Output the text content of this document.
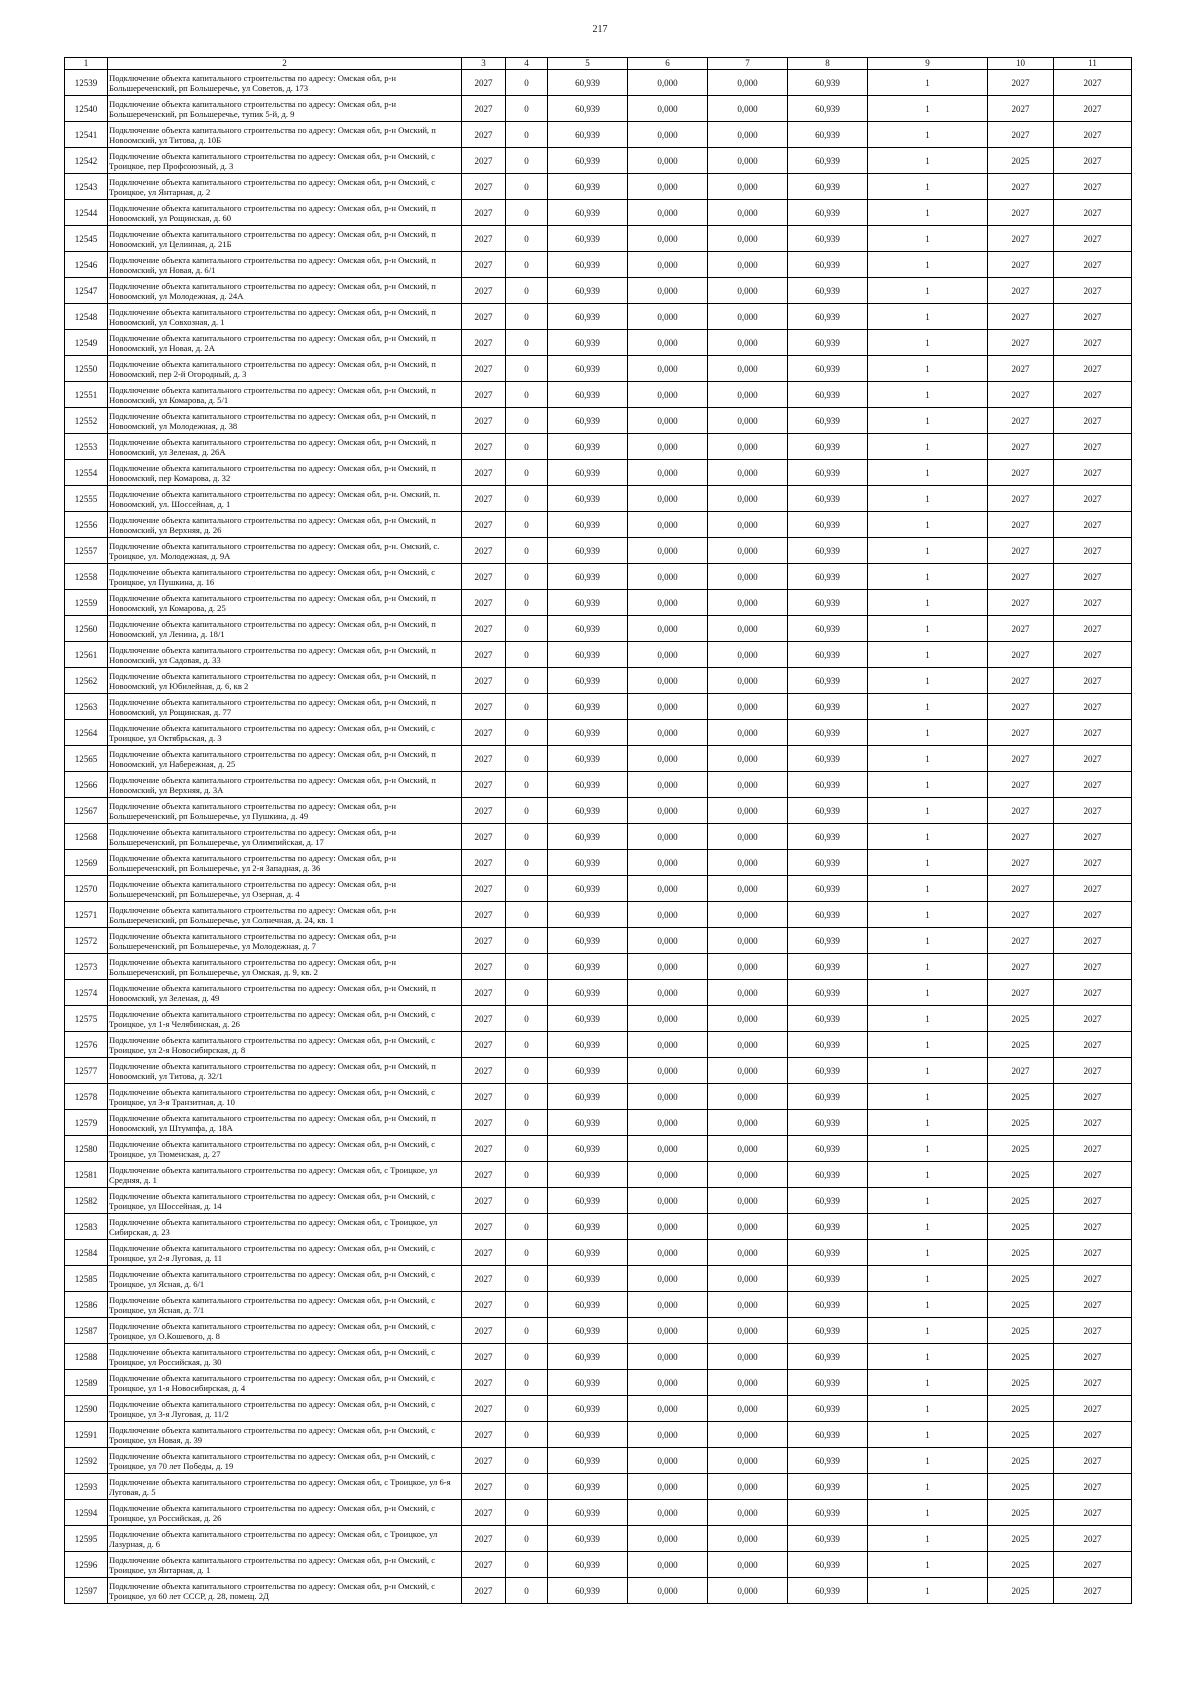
217
1	2	3	4	5	6	7	8	9	10	11
12539	Подключение объекта капитального строительства по адресу: Омская обл, р-н Большереченский, рп Большеречье, ул Советов, д. 173	2027	0	60,939	0,000	0,000	60,939	1	2027	2027
12540	Подключение объекта капитального строительства по адресу: Омская обл, р-н Большереченский, рп Большеречье, тупик 5-й, д. 9	2027	0	60,939	0,000	0,000	60,939	1	2027	2027
12541	Подключение объекта капитального строительства по адресу: Омская обл, р-н Омский, п Новоомский, ул Титова, д. 10Б	2027	0	60,939	0,000	0,000	60,939	1	2027	2027
12542	Подключение объекта капитального строительства по адресу: Омская обл, р-н Омский, с Троицкое, пер Профсоюзный, д. 3	2027	0	60,939	0,000	0,000	60,939	1	2025	2027
12543	Подключение объекта капитального строительства по адресу: Омская обл, р-н Омский, с Троицкое, ул Янтарная, д. 2	2027	0	60,939	0,000	0,000	60,939	1	2027	2027
12544	Подключение объекта капитального строительства по адресу: Омская обл, р-н Омский, п Новоомский, ул Рощинская, д. 60	2027	0	60,939	0,000	0,000	60,939	1	2027	2027
12545	Подключение объекта капитального строительства по адресу: Омская обл, р-н Омский, п Новоомский, ул Целинная, д. 21Б	2027	0	60,939	0,000	0,000	60,939	1	2027	2027
12546	Подключение объекта капитального строительства по адресу: Омская обл, р-н Омский, п Новоомский, ул Новая, д. 6/1	2027	0	60,939	0,000	0,000	60,939	1	2027	2027
12547	Подключение объекта капитального строительства по адресу: Омская обл, р-н Омский, п Новоомский, ул Молодежная, д. 24А	2027	0	60,939	0,000	0,000	60,939	1	2027	2027
12548	Подключение объекта капитального строительства по адресу: Омская обл, р-н Омский, п Новоомский, ул Совхозная, д. 1	2027	0	60,939	0,000	0,000	60,939	1	2027	2027
12549	Подключение объекта капитального строительства по адресу: Омская обл, р-н Омский, п Новоомский, ул Новая, д. 2А	2027	0	60,939	0,000	0,000	60,939	1	2027	2027
12550	Подключение объекта капитального строительства по адресу: Омская обл, р-н Омский, п Новоомский, пер 2-й Огородный, д. 3	2027	0	60,939	0,000	0,000	60,939	1	2027	2027
12551	Подключение объекта капитального строительства по адресу: Омская обл, р-н Омский, п Новоомский, ул Комарова, д. 5/1	2027	0	60,939	0,000	0,000	60,939	1	2027	2027
12552	Подключение объекта капитального строительства по адресу: Омская обл, р-н Омский, п Новоомский, ул Молодежная, д. 38	2027	0	60,939	0,000	0,000	60,939	1	2027	2027
12553	Подключение объекта капитального строительства по адресу: Омская обл, р-н Омский, п Новоомский, ул Зеленая, д. 26А	2027	0	60,939	0,000	0,000	60,939	1	2027	2027
12554	Подключение объекта капитального строительства по адресу: Омская обл, р-н Омский, п Новоомский, пер Комарова, д. 32	2027	0	60,939	0,000	0,000	60,939	1	2027	2027
12555	Подключение объекта капитального строительства по адресу: Омская обл, р-н. Омский, п. Новоомский, ул. Шоссейная, д. 1	2027	0	60,939	0,000	0,000	60,939	1	2027	2027
12556	Подключение объекта капитального строительства по адресу: Омская обл, р-н Омский, п Новоомский, ул Верхняя, д. 26	2027	0	60,939	0,000	0,000	60,939	1	2027	2027
12557	Подключение объекта капитального строительства по адресу: Омская обл, р-н. Омский, с. Троицкое, ул. Молодежная, д. 9А	2027	0	60,939	0,000	0,000	60,939	1	2027	2027
12558	Подключение объекта капитального строительства по адресу: Омская обл, р-н Омский, с Троицкое, ул Пушкина, д. 16	2027	0	60,939	0,000	0,000	60,939	1	2027	2027
12559	Подключение объекта капитального строительства по адресу: Омская обл, р-н Омский, п Новоомский, ул Комарова, д. 25	2027	0	60,939	0,000	0,000	60,939	1	2027	2027
12560	Подключение объекта капитального строительства по адресу: Омская обл, р-н Омский, п Новоомский, ул Ленина, д. 18/1	2027	0	60,939	0,000	0,000	60,939	1	2027	2027
12561	Подключение объекта капитального строительства по адресу: Омская обл, р-н Омский, п Новоомский, ул Садовая, д. 33	2027	0	60,939	0,000	0,000	60,939	1	2027	2027
12562	Подключение объекта капитального строительства по адресу: Омская обл, р-н Омский, п Новоомский, ул Юбилейная, д. 6, кв 2	2027	0	60,939	0,000	0,000	60,939	1	2027	2027
12563	Подключение объекта капитального строительства по адресу: Омская обл, р-н Омский, п Новоомский, ул Рощинская, д. 77	2027	0	60,939	0,000	0,000	60,939	1	2027	2027
12564	Подключение объекта капитального строительства по адресу: Омская обл, р-н Омский, с Троицкое, ул Октябрьская, д. 3	2027	0	60,939	0,000	0,000	60,939	1	2027	2027
12565	Подключение объекта капитального строительства по адресу: Омская обл, р-н Омский, п Новоомский, ул Набережная, д. 25	2027	0	60,939	0,000	0,000	60,939	1	2027	2027
12566	Подключение объекта капитального строительства по адресу: Омская обл, р-н Омский, п Новоомский, ул Верхняя, д. 3А	2027	0	60,939	0,000	0,000	60,939	1	2027	2027
12567	Подключение объекта капитального строительства по адресу: Омская обл, р-н Большереченский, рп Большеречье, ул Пушкина, д. 49	2027	0	60,939	0,000	0,000	60,939	1	2027	2027
12568	Подключение объекта капитального строительства по адресу: Омская обл, р-н Большереченский, рп Большеречье, ул Олимпийская, д. 17	2027	0	60,939	0,000	0,000	60,939	1	2027	2027
12569	Подключение объекта капитального строительства по адресу: Омская обл, р-н Большереченский, рп Большеречье, ул 2-я Западная, д. 36	2027	0	60,939	0,000	0,000	60,939	1	2027	2027
12570	Подключение объекта капитального строительства по адресу: Омская обл, р-н Большереченский, рп Большеречье, ул Озерная, д. 4	2027	0	60,939	0,000	0,000	60,939	1	2027	2027
12571	Подключение объекта капитального строительства по адресу: Омская обл, р-н Большереченский, рп Большеречье, ул Солнечная, д. 24, кв. 1	2027	0	60,939	0,000	0,000	60,939	1	2027	2027
12572	Подключение объекта капитального строительства по адресу: Омская обл, р-н Большереченский, рп Большеречье, ул Молодежная, д. 7	2027	0	60,939	0,000	0,000	60,939	1	2027	2027
12573	Подключение объекта капитального строительства по адресу: Омская обл, р-н Большереченский, рп Большеречье, ул Омская, д. 9, кв. 2	2027	0	60,939	0,000	0,000	60,939	1	2027	2027
12574	Подключение объекта капитального строительства по адресу: Омская обл, р-н Омский, п Новоомский, ул Зеленая, д. 49	2027	0	60,939	0,000	0,000	60,939	1	2027	2027
12575	Подключение объекта капитального строительства по адресу: Омская обл, р-н Омский, с Троицкое, ул 1-я Челябинская, д. 26	2027	0	60,939	0,000	0,000	60,939	1	2025	2027
12576	Подключение объекта капитального строительства по адресу: Омская обл, р-н Омский, с Троицкое, ул 2-я Новосибирская, д. 8	2027	0	60,939	0,000	0,000	60,939	1	2025	2027
12577	Подключение объекта капитального строительства по адресу: Омская обл, р-н Омский, п Новоомский, ул Титова, д. 32/1	2027	0	60,939	0,000	0,000	60,939	1	2027	2027
12578	Подключение объекта капитального строительства по адресу: Омская обл, р-н Омский, с Троицкое, ул 3-я Транзитная, д. 10	2027	0	60,939	0,000	0,000	60,939	1	2025	2027
12579	Подключение объекта капитального строительства по адресу: Омская обл, р-н Омский, п Новоомский, ул Штумпфа, д. 18А	2027	0	60,939	0,000	0,000	60,939	1	2025	2027
12580	Подключение объекта капитального строительства по адресу: Омская обл, р-н Омский, с Троицкое, ул Тюменская, д. 27	2027	0	60,939	0,000	0,000	60,939	1	2025	2027
12581	Подключение объекта капитального строительства по адресу: Омская обл, с Троицкое, ул Средняя, д. 1	2027	0	60,939	0,000	0,000	60,939	1	2025	2027
12582	Подключение объекта капитального строительства по адресу: Омская обл, р-н Омский, с Троицкое, ул Шоссейная, д. 14	2027	0	60,939	0,000	0,000	60,939	1	2025	2027
12583	Подключение объекта капитального строительства по адресу: Омская обл, с Троицкое, ул Сибирская, д. 23	2027	0	60,939	0,000	0,000	60,939	1	2025	2027
12584	Подключение объекта капитального строительства по адресу: Омская обл, р-н Омский, с Троицкое, ул 2-я Луговая, д. 11	2027	0	60,939	0,000	0,000	60,939	1	2025	2027
12585	Подключение объекта капитального строительства по адресу: Омская обл, р-н Омский, с Троицкое, ул Ясная, д. 6/1	2027	0	60,939	0,000	0,000	60,939	1	2025	2027
12586	Подключение объекта капитального строительства по адресу: Омская обл, р-н Омский, с Троицкое, ул Ясная, д. 7/1	2027	0	60,939	0,000	0,000	60,939	1	2025	2027
12587	Подключение объекта капитального строительства по адресу: Омская обл, р-н Омский, с Троицкое, ул О.Кошевого, д. 8	2027	0	60,939	0,000	0,000	60,939	1	2025	2027
12588	Подключение объекта капитального строительства по адресу: Омская обл, р-н Омский, с Троицкое, ул Российская, д. 30	2027	0	60,939	0,000	0,000	60,939	1	2025	2027
12589	Подключение объекта капитального строительства по адресу: Омская обл, р-н Омский, с Троицкое, ул 1-я Новосибирская, д. 4	2027	0	60,939	0,000	0,000	60,939	1	2025	2027
12590	Подключение объекта капитального строительства по адресу: Омская обл, р-н Омский, с Троицкое, ул 3-я Луговая, д. 11/2	2027	0	60,939	0,000	0,000	60,939	1	2025	2027
12591	Подключение объекта капитального строительства по адресу: Омская обл, р-н Омский, с Троицкое, ул Новая, д. 39	2027	0	60,939	0,000	0,000	60,939	1	2025	2027
12592	Подключение объекта капитального строительства по адресу: Омская обл, р-н Омский, с Троицкое, ул 70 лет Победы, д. 19	2027	0	60,939	0,000	0,000	60,939	1	2025	2027
12593	Подключение объекта капитального строительства по адресу: Омская обл, с Троицкое, ул 6-я Луговая, д. 5	2027	0	60,939	0,000	0,000	60,939	1	2025	2027
12594	Подключение объекта капитального строительства по адресу: Омская обл, р-н Омский, с Троицкое, ул Российская, д. 26	2027	0	60,939	0,000	0,000	60,939	1	2025	2027
12595	Подключение объекта капитального строительства по адресу: Омская обл, с Троицкое, ул Лазурная, д. 6	2027	0	60,939	0,000	0,000	60,939	1	2025	2027
12596	Подключение объекта капитального строительства по адресу: Омская обл, р-н Омский, с Троицкое, ул Янтарная, д. 1	2027	0	60,939	0,000	0,000	60,939	1	2025	2027
12597	Подключение объекта капитального строительства по адресу: Омская обл, р-н Омский, с Троицкое, ул 60 лет СССР, д. 28, помещ. 2Д	2027	0	60,939	0,000	0,000	60,939	1	2025	2027
